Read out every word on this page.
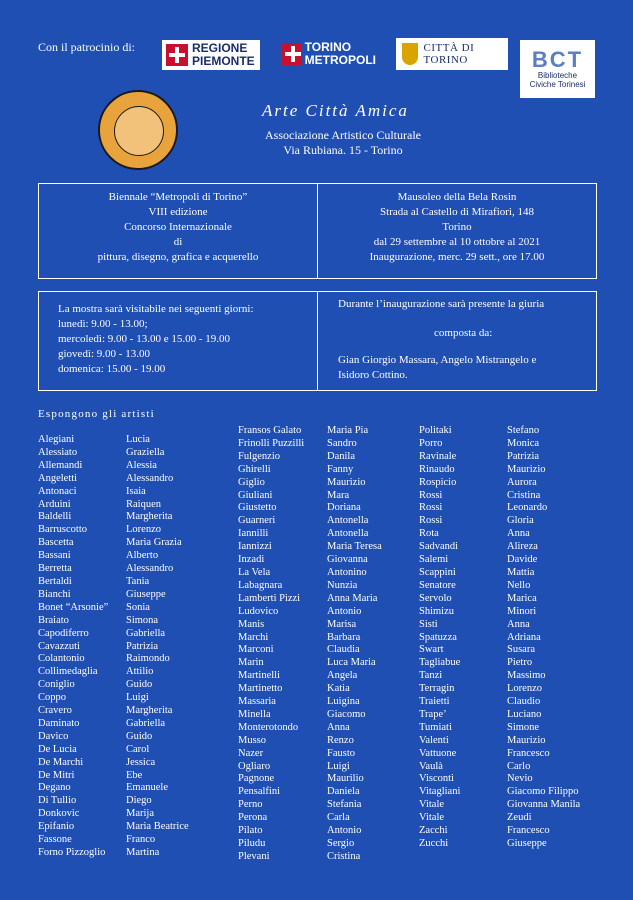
Con il patrocinio di:	REGIONE
PIEMONTE
TORINO
METROPOLI
CITTÀ DI TORINO	BCT
Biblioteche
Civiche Torinesi
Arte Città Amica
Associazione Artistico Culturale
Via Rubiana. 15 - Torino
Biennale “Metropoli di Torino”
VIII edizione
Concorso Internazionale
di
pittura, disegno, grafica e acquerello
Mausoleo della Bela Rosin
Strada al Castello di Mirafiori, 148
Torino
dal 29 settembre al 10 ottobre al 2021
Inaugurazione, merc. 29 sett., ore 17.00
La mostra sarà visitabile nei seguenti giorni:
lunedì: 9.00 - 13.00;
mercoledì: 9.00 - 13.00 e 15.00 - 19.00
giovedì: 9.00 - 13.00
domenica: 15.00 - 19.00
Durante l’inaugurazione sarà presente la giuria
composta da:
Gian Giorgio Massara, Angelo Mistrangelo e
Isidoro Cottino.
Espongono gli artisti
Alegiani
Alessiato
Allemandi
Angeletti
Antonaci
Arduini
Baldelli
Barruscotto
Bascetta
Bassani
Berretta
Bertaldi
Bianchi
Bonet “Arsonie”
Braiato
Capodiferro
Cavazzuti
Colantonio
Collimedaglia
Coniglio
Coppo
Cravero
Daminato
Davico
De Lucia
De Marchi
De Mitri
Degano
Di Tullio
Donkovic
Epifanio
Fassone
Forno Pizzoglio
Lucia
Graziella
Alessia
Alessandro
Isaia
Raiquen
Margherita
Lorenzo
Maria Grazia
Alberto
Alessandro
Tania
Giuseppe
Sonia
Simona
Gabriella
Patrizia
Raimondo
Attilio
Guido
Luigi
Margherita
Gabriella
Guido
Carol
Jessica
Ebe
Emanuele
Diego
Marija
Maria Beatrice
Franco
Martina
Fransos Galato
Frinolli Puzzilli
Fulgenzio
Ghirelli
Giglio
Giuliani
Giustetto
Guarneri
Iannilli
Iannizzi
Inzadi
La Vela
Labagnara
Lamberti Pizzi
Ludovico
Manis
Marchi
Marconi
Marin
Martinelli
Martinetto
Massaria
Minella
Monterotondo
Musso
Nazer
Ogliaro
Pagnone
Pensalfini
Perno
Perona
Pilato
Piludu
Plevani
Maria Pia
Sandro
Danila
Fanny
Maurizio
Mara
Doriana
Antonella
Antonella
Maria Teresa
Giovanna
Antonino
Nunzia
Anna Maria
Antonio
Marisa
Barbara
Claudia
Luca Maria
Angela
Katia
Luigina
Giacomo
Anna
Renzo
Fausto
Luigi
Maurilio
Daniela
Stefania
Carla
Antonio
Sergio
Cristina
Politaki
Porro
Ravinale
Rinaudo
Rospicio
Rossi
Rossi
Rossi
Rota
Sadvandi
Salemi
Scappini
Senatore
Servolo
Shimizu
Sisti
Spatuzza
Swart
Tagliabue
Tanzi
Terragin
Traietti
Trape’
Tumiati
Valenti
Vattuone
Vaulà
Visconti
Vitagliani
Vitale
Vitale
Zacchi
Zucchi
Stefano
Monica
Patrizia
Maurizio
Aurora
Cristina
Leonardo
Gloria
Anna
Alireza
Davide
Mattia
Nello
Marica
Minori
Anna
Adriana
Susara
Pietro
Massimo
Lorenzo
Claudio
Luciano
Simone
Maurizio
Francesco
Carlo
Nevio
Giacomo Filippo
Giovanna Manila
Zeudi
Francesco
Giuseppe
